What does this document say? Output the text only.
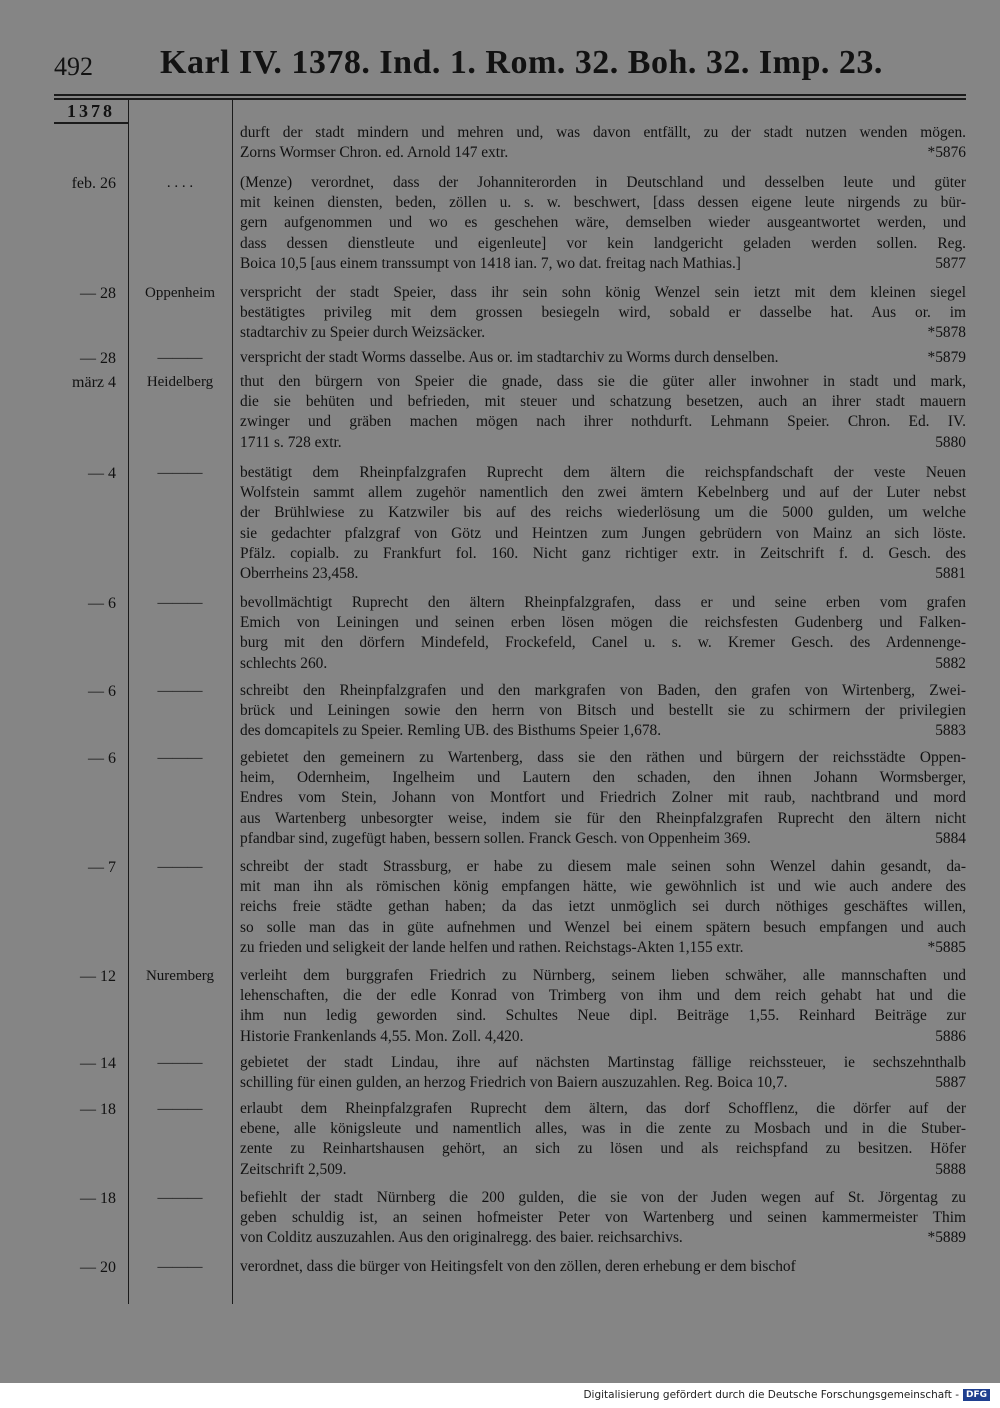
492 Karl IV. 1378. Ind. 1. Rom. 32. Boh. 32. Imp. 23.
1378
durft der stadt mindern und mehren und, was davon entfällt, zu der stadt nutzen wenden mögen.
Zorns Wormser Chron. ed. Arnold 147 extr.	*5876
feb. 26	. . . .	(Menze) verordnet, dass der Johanniterorden in Deutschland und desselben leute und güter
mit keinen diensten, beden, zöllen u. s. w. beschwert, [dass dessen eigene leute nirgends zu bür-
gern aufgenommen und wo es geschehen wäre, demselben wieder ausgeantwortet werden, und
dass dessen dienstleute und eigenleute] vor kein landgericht geladen werden sollen. Reg.
Boica 10,5 [aus einem transsumpt von 1418 ian. 7, wo dat. freitag nach Mathias.]	5877
— 28	Oppenheim	verspricht der stadt Speier, dass ihr sein sohn könig Wenzel sein ietzt mit dem kleinen siegel
bestätigtes privileg mit dem grossen besiegeln wird, sobald er dasselbe hat. Aus or. im
stadtarchiv zu Speier durch Weizsäcker.	*5878
— 28	———	verspricht der stadt Worms dasselbe. Aus or. im stadtarchiv zu Worms durch denselben.	*5879
märz 4	Heidelberg	thut den bürgern von Speier die gnade, dass sie die güter aller inwohner in stadt und mark,
die sie behüten und befrieden, mit steuer und schatzung besetzen, auch an ihrer stadt mauern
zwinger und gräben machen mögen nach ihrer nothdurft. Lehmann Speier. Chron. Ed. IV.
1711 s. 728 extr.	5880
— 4	———	bestätigt dem Rheinpfalzgrafen Ruprecht dem ältern die reichspfandschaft der veste Neuen
Wolfstein sammt allem zugehör namentlich den zwei ämtern Kebelnberg und auf der Luter nebst
der Brühlwiese zu Katzwiler bis auf des reichs wiederlösung um die 5000 gulden, um welche
sie gedachter pfalzgraf von Götz und Heintzen zum Jungen gebrüdern von Mainz an sich löste.
Pfälz. copialb. zu Frankfurt fol. 160. Nicht ganz richtiger extr. in Zeitschrift f. d. Gesch. des
Oberrheins 23,458.	5881
— 6	———	bevollmächtigt Ruprecht den ältern Rheinpfalzgrafen, dass er und seine erben vom grafen
Emich von Leiningen und seinen erben lösen mögen die reichsfesten Gudenberg und Falken-
burg mit den dörfern Mindefeld, Frockefeld, Canel u. s. w. Kremer Gesch. des Ardennenge-
schlechts 260.	5882
— 6	———	schreibt den Rheinpfalzgrafen und den markgrafen von Baden, den grafen von Wirtenberg, Zwei-
brück und Leiningen sowie den herrn von Bitsch und bestellt sie zu schirmern der privilegien
des domcapitels zu Speier. Remling UB. des Bisthums Speier 1,678.	5883
— 6	———	gebietet den gemeinern zu Wartenberg, dass sie den räthen und bürgern der reichsstädte Oppen-
heim, Odernheim, Ingelheim und Lautern den schaden, den ihnen Johann Wormsberger,
Endres vom Stein, Johann von Montfort und Friedrich Zolner mit raub, nachtbrand und mord
aus Wartenberg unbesorgter weise, indem sie für den Rheinpfalzgrafen Ruprecht den ältern nicht
pfandbar sind, zugefügt haben, bessern sollen. Franck Gesch. von Oppenheim 369.	5884
— 7	———	schreibt der stadt Strassburg, er habe zu diesem male seinen sohn Wenzel dahin gesandt, da-
mit man ihn als römischen könig empfangen hätte, wie gewöhnlich ist und wie auch andere des
reichs freie städte gethan haben; da das ietzt unmöglich sei durch nöthiges geschäftes willen,
so solle man das in güte aufnehmen und Wenzel bei einem spätern besuch empfangen und auch
zu frieden und seligkeit der lande helfen und rathen. Reichstags-Akten 1,155 extr.	*5885
— 12	Nuremberg	verleiht dem burggrafen Friedrich zu Nürnberg, seinem lieben schwäher, alle mannschaften und
lehenschaften, die der edle Konrad von Trimberg von ihm und dem reich gehabt hat und die
ihm nun ledig geworden sind. Schultes Neue dipl. Beiträge 1,55. Reinhard Beiträge zur
Historie Frankenlands 4,55. Mon. Zoll. 4,420.	5886
— 14	———	gebietet der stadt Lindau, ihre auf nächsten Martinstag fällige reichssteuer, ie sechszehnthalb
schilling für einen gulden, an herzog Friedrich von Baiern auszuzahlen. Reg. Boica 10,7.	5887
— 18	———	erlaubt dem Rheinpfalzgrafen Ruprecht dem ältern, das dorf Schofflenz, die dörfer auf der
ebene, alle königsleute und namentlich alles, was in die zente zu Mosbach und in die Stuber-
zente zu Reinhartshausen gehört, an sich zu lösen und als reichspfand zu besitzen. Höfer
Zeitschrift 2,509.	5888
— 18	———	befiehlt der stadt Nürnberg die 200 gulden, die sie von der Juden wegen auf St. Jörgentag zu
geben schuldig ist, an seinen hofmeister Peter von Wartenberg und seinen kammermeister Thim
von Colditz auszuzahlen. Aus den originalregg. des baier. reichsarchivs.	*5889
— 20	———	verordnet, dass die bürger von Heitingsfelt von den zöllen, deren erhebung er dem bischof
Digitalisierung gefördert durch die Deutsche Forschungsgemeinschaft - DFG
